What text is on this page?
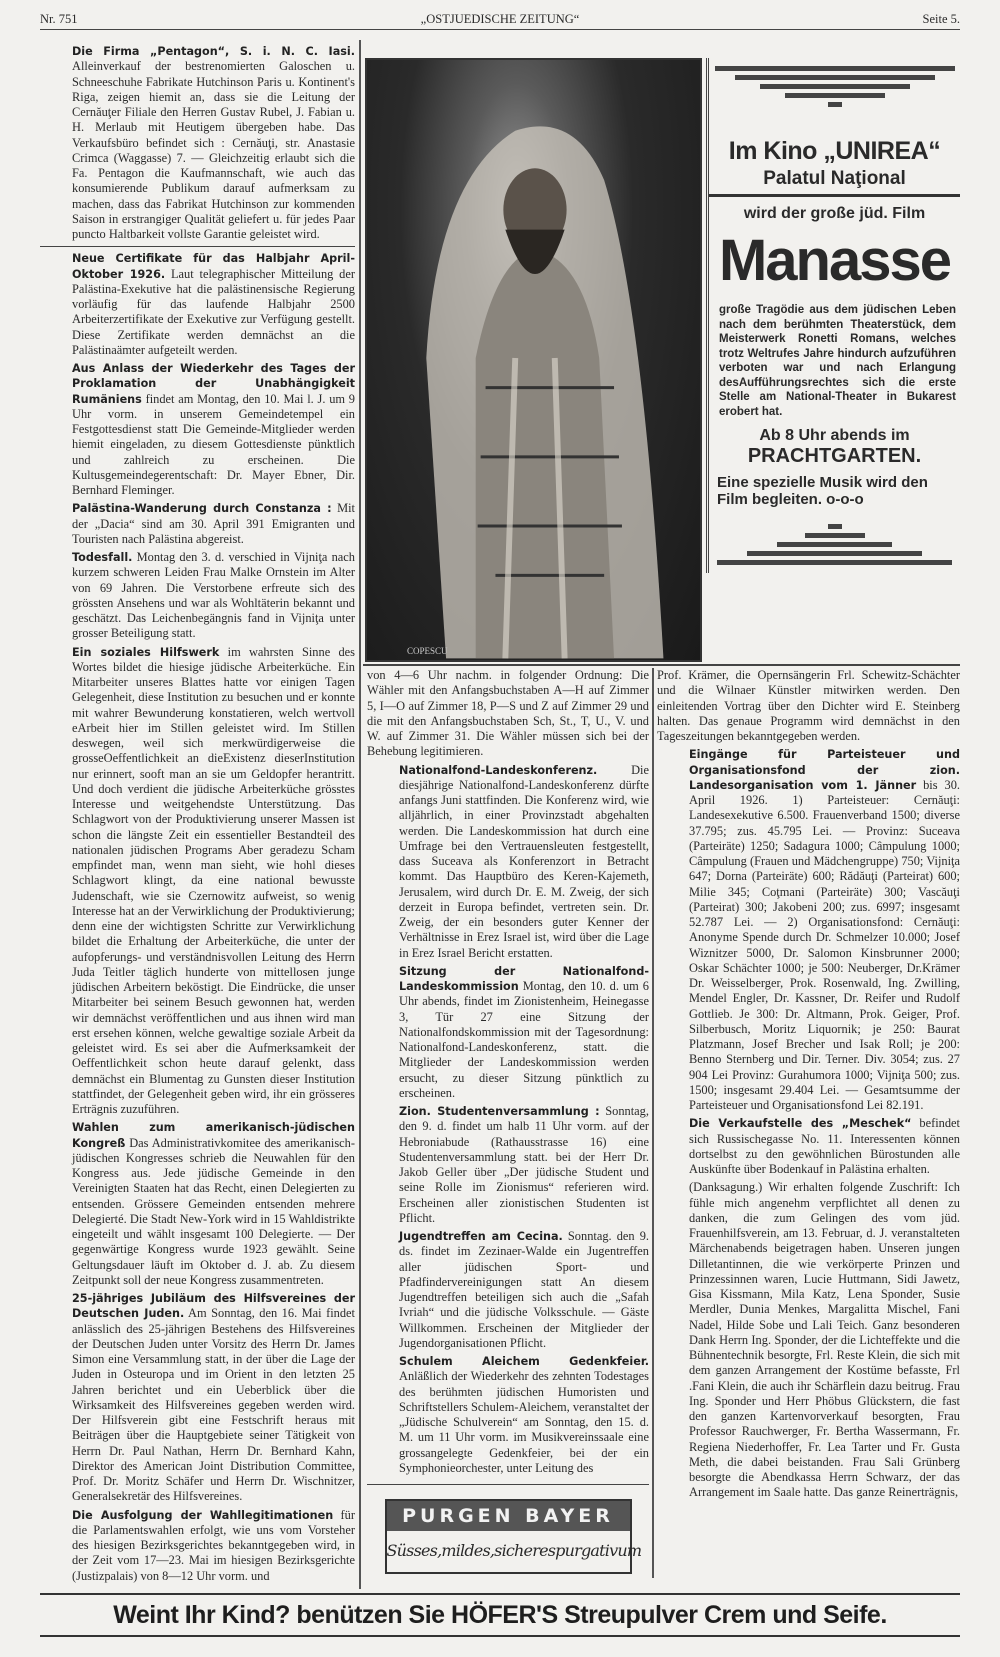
Nr. 751	„OSTJUEDISCHE ZEITUNG“	Seite 5.

Die Firma „Pentagon“, S. i. N. C. Iasi. Alleinverkauf der bestrenomierten Galoschen u. Schneeschuhe Fabrikate Hutchinson Paris u. Kontinent's Riga, zeigen hiemit an, dass sie die Leitung der Cernăuţer Filiale den Herren Gustav Rubel, J. Fabian u. H. Merlaub mit Heutigem übergeben habe. Das Verkaufsbüro befindet sich : Cernăuţi, str. Anastasie Crimca (Waggasse) 7. — Gleichzeitig erlaubt sich die Fa. Pentagon die Kaufmannschaft, wie auch das konsumierende Publikum darauf aufmerksam zu machen, dass das Fabrikat Hutchinson zur kommenden Saison in erstrangiger Qualität geliefert u. für jedes Paar puncto Haltbarkeit vollste Garantie geleistet wird.

Neue Certifikate für das Halbjahr April-Oktober 1926. Laut telegraphischer Mitteilung der Palästina-Exekutive hat die palästinensische Regierung vorläufig für das laufende Halbjahr 2500 Arbeiterzertifikate der Exekutive zur Verfügung gestellt. Diese Zertifikate werden demnächst an die Palästinaämter aufgeteilt werden.

Aus Anlass der Wiederkehr des Tages der Proklamation der Unabhängigkeit Rumäniens findet am Montag, den 10. Mai l. J. um 9 Uhr vorm. in unserem Gemeindetempel ein Festgottesdienst statt Die Gemeinde-Mitglieder werden hiemit eingeladen, zu diesem Gottesdienste pünktlich und zahlreich zu erscheinen. Die Kultusgemeindegerentschaft: Dr. Mayer Ebner, Dir. Bernhard Fleminger.

Palästina-Wanderung durch Constanza : Mit der „Dacia“ sind am 30. April 391 Emigranten und Touristen nach Palästina abgereist.

Todesfall. Montag den 3. d. verschied in Vijniţa nach kurzem schweren Leiden Frau Malke Ornstein im Alter von 69 Jahren. Die Verstorbene erfreute sich des grössten Ansehens und war als Wohltäterin bekannt und geschätzt. Das Leichenbegängnis fand in Vijniţa unter grosser Beteiligung statt.

Ein soziales Hilfswerk im wahrsten Sinne des Wortes bildet die hiesige jüdische Arbeiterküche. Ein Mitarbeiter unseres Blattes hatte vor einigen Tagen Gelegenheit, diese Institution zu besuchen und er konnte mit wahrer Bewunderung konstatieren, welch wertvoll eArbeit hier im Stillen geleistet wird. Im Stillen deswegen, weil sich merkwürdigerweise die grosseOeffentlichkeit an dieExistenz dieserInstitution nur erinnert, sooft man an sie um Geldopfer herantritt. Und doch verdient die jüdische Arbeiterküche grösstes Interesse und weitgehendste Unterstützung. Das Schlagwort von der Produktivierung unserer Massen ist schon die längste Zeit ein essentieller Bestandteil des nationalen jüdischen Programs Aber geradezu Scham empfindet man, wenn man sieht, wie hohl dieses Schlagwort klingt, da eine national bewusste Judenschaft, wie sie Czernowitz aufweist, so wenig Interesse hat an der Verwirklichung der Produktivierung; denn eine der wichtigsten Schritte zur Verwirklichung bildet die Erhaltung der Arbeiterküche, die unter der aufopferungs- und verständnisvollen Leitung des Herrn Juda Teitler täglich hunderte von mittellosen junge jüdischen Arbeitern beköstigt. Die Eindrücke, die unser Mitarbeiter bei seinem Besuch gewonnen hat, werden wir demnächst veröffentlichen und aus ihnen wird man erst ersehen können, welche gewaltige soziale Arbeit da geleistet wird. Es sei aber die Aufmerksamkeit der Oeffentlichkeit schon heute darauf gelenkt, dass demnächst ein Blumentag zu Gunsten dieser Institution stattfindet, der Gelegenheit geben wird, ihr ein grösseres Erträgnis zuzuführen.

Wahlen zum amerikanisch-jüdischen Kongreß Das Administrativkomitee des amerikanisch-jüdischen Kongresses schrieb die Neuwahlen für den Kongress aus. Jede jüdische Gemeinde in den Vereinigten Staaten hat das Recht, einen Delegierten zu entsenden. Grössere Gemeinden entsenden mehrere Delegierté. Die Stadt New-York wird in 15 Wahldistrikte eingeteilt und wählt insgesamt 100 Delegierte. — Der gegenwärtige Kongress wurde 1923 gewählt. Seine Geltungsdauer läuft im Oktober d. J. ab. Zu diesem Zeitpunkt soll der neue Kongress zusammentreten.

25-jähriges Jubiläum des Hilfsvereines der Deutschen Juden. Am Sonntag, den 16. Mai findet anlässlich des 25-jährigen Bestehens des Hilfsvereines der Deutschen Juden unter Vorsitz des Herrn Dr. James Simon eine Versammlung statt, in der über die Lage der Juden in Osteuropa und im Orient in den letzten 25 Jahren berichtet und ein Ueberblick über die Wirksamkeit des Hilfsvereines gegeben werden wird. Der Hilfsverein gibt eine Festschrift heraus mit Beiträgen über die Hauptgebiete seiner Tätigkeit von Herrn Dr. Paul Nathan, Herrn Dr. Bernhard Kahn, Direktor des American Joint Distribution Committee, Prof. Dr. Moritz Schäfer und Herrn Dr. Wischnitzer, Generalsekretär des Hilfsvereines.

Die Ausfolgung der Wahllegitimationen für die Parlamentswahlen erfolgt, wie uns vom Vorsteher des hiesigen Bezirksgerichtes bekanntgegeben wird, in der Zeit vom 17—23. Mai im hiesigen Bezirksgerichte (Justizpalais) von 8—12 Uhr vorm. und

COPESCU
Im Kino „UNIREA“
Palatul Naţional
wird der große jüd. Film
Manasse
große Tragödie aus dem jüdischen Leben nach dem berühmten Theaterstück, dem Meisterwerk Ronetti Romans, welches trotz Weltrufes Jahre hindurch aufzuführen verboten war und nach Erlangung desAufführungsrechtes sich die erste Stelle am National-Theater in Bukarest erobert hat.
Ab 8 Uhr abends im
PRACHTGARTEN.
Eine spezielle Musik wird den Film begleiten. o-o-o

von 4—6 Uhr nachm. in folgender Ordnung: Die Wähler mit den Anfangsbuchstaben A—H auf Zimmer 5, I—O auf Zimmer 18, P—S und Z auf Zimmer 29 und die mit den Anfangsbuchstaben Sch, St., T, U., V. und W. auf Zimmer 31. Die Wähler müssen sich bei der Behebung legitimieren.

Nationalfond-Landeskonferenz.	Die diesjährige Nationalfond-Landeskonferenz dürfte anfangs Juni stattfinden. Die Konferenz wird, wie alljährlich, in einer Provinzstadt abgehalten werden. Die Landeskommission hat durch eine Umfrage bei den Vertrauensleuten festgestellt, dass Suceava als Konferenzort in Betracht kommt. Das Hauptbüro des Keren-Kajemeth, Jerusalem, wird durch Dr. E. M. Zweig, der sich derzeit in Europa befindet, vertreten sein. Dr. Zweig, der ein besonders guter Kenner der Verhältnisse in Erez Israel ist, wird über die Lage in Erez Israel Bericht erstatten.

Sitzung der Nationalfond-Landeskommission Montag, den 10. d. um 6 Uhr abends, findet im Zionistenheim, Heinegasse 3, Tür 27 eine Sitzung der Nationalfondskommission mit der Tagesordnung: Nationalfond-Landeskonferenz, statt. die Mitglieder der Landeskommission werden ersucht, zu dieser Sitzung pünktlich zu erscheinen.

Zion. Studentenversammlung : Sonntag, den 9. d. findet um halb 11 Uhr vorm. auf der Hebroniabude (Rathausstrasse 16) eine Studentenversammlung statt. bei der Herr Dr. Jakob Geller über „Der jüdische Student und seine Rolle im Zionismus“ referieren wird. Erscheinen aller zionistischen Studenten ist Pflicht.

Jugendtreffen am Cecina. Sonntag. den 9. ds. findet im Zezinaer-Walde ein Jugentreffen aller jüdischen Sport- und Pfadfindervereinigungen statt An diesem Jugendtreffen beteiligen sich auch die „Safah Ivriah“ und die jüdische Volksschule. — Gäste Willkommen. Erscheinen der Mitglieder der Jugendorganisationen Pflicht.

Schulem Aleichem Gedenkfeier. Anläßlich der Wiederkehr des zehnten Todestages des berühmten jüdischen Humoristen und Schriftstellers Schulem-Aleichem, veranstaltet der „Jüdische Schulverein“ am Sonntag, den 15. d. M. um 11 Uhr vorm. im Musikvereinssaale eine grossangelegte Gedenkfeier, bei der ein Symphonieorchester, unter Leitung des

PURGEN BAYER
Süsses,mildes,sicherespurgativum

Prof. Krämer, die Opernsängerin Frl. Schewitz-Schächter und die Wilnaer Künstler mitwirken werden. Den einleitenden Vortrag über den Dichter wird E. Steinberg halten. Das genaue Programm wird demnächst in den Tageszeitungen bekanntgegeben werden.

Eingänge für Parteisteuer und Organisationsfond der zion. Landesorganisation vom 1. Jänner bis 30. April 1926. 1) Parteisteuer: Cernăuţi: Landesexekutive 6.500. Frauenverband 1500; diverse 37.795; zus. 45.795 Lei. — Provinz: Suceava (Parteiräte) 1250; Sadagura 1000; Câmpulung 1000; Câmpulung (Frauen und Mädchengruppe) 750; Vijniţa 647; Dorna (Parteiräte) 600; Rădăuţi (Parteirat) 600; Milie 345; Coţmani (Parteiräte) 300; Vascăuţi (Parteirat) 300; Jakobeni 200; zus. 6997; insgesamt 52.787 Lei. — 2) Organisationsfond: Cernăuţi: Anonyme Spende durch Dr. Schmelzer 10.000; Josef Wiznitzer 5000, Dr. Salomon Kinsbrunner 2000; Oskar Schächter 1000; je 500: Neuberger, Dr.Krämer Dr. Weisselberger, Prok. Rosenwald, Ing. Zwilling, Mendel Engler, Dr. Kassner, Dr. Reifer und Rudolf Gottlieb. Je 300: Dr. Altmann, Prok. Geiger, Prof. Silberbusch, Moritz Liquornik; je 250: Baurat Platzmann, Josef Brecher und Isak Roll; je 200: Benno Sternberg und Dir. Terner. Div. 3054; zus. 27 904 Lei Provinz: Gurahumora 1000; Vijniţa 500; zus. 1500; insgesamt 29.404 Lei. — Gesamtsumme der Parteisteuer und Organisationsfond Lei 82.191.

Die Verkaufstelle des „Meschek“ befindet sich Russischegasse No. 11. Interessenten können dortselbst zu den gewöhnlichen Bürostunden alle Auskünfte über Bodenkauf in Palästina erhalten.

(Danksagung.) Wir erhalten folgende Zuschrift: Ich fühle mich angenehm verpflichtet all denen zu danken, die zum Gelingen des vom jüd. Frauenhilfsverein, am 13. Februar, d. J. veranstalteten Märchenabends beigetragen haben. Unseren jungen Dilletantinnen, die wie verkörperte Prinzen und Prinzessinnen waren, Lucie Huttmann, Sidi Jawetz, Gisa Kissmann, Mila Katz, Lena Sponder, Susie Merdler, Dunia Menkes, Margalitta Mischel, Fani Nadel, Hilde Sobe und Lali Teich. Ganz besonderen Dank Herrn Ing. Sponder, der die Lichteffekte und die Bühnentechnik besorgte, Frl. Reste Klein, die sich mit dem ganzen Arrangement der Kostüme befasste, Frl .Fani Klein, die auch ihr Schärflein dazu beitrug. Frau Ing. Sponder und Herr Phöbus Glückstern, die fast den ganzen Kartenvorverkauf besorgten, Frau Professor Rauchwerger, Fr. Bertha Wassermann, Fr. Regiena Niederhoffer, Fr. Lea Tarter und Fr. Gusta Meth, die dabei beistanden. Frau Sali Grünberg besorgte die Abendkassa Herrn Schwarz, der das Arrangement im Saale hatte. Das ganze Reinerträgnis,

Weint Ihr Kind? benützen Sie HÖFER'S Streupulver Crem und Seife.
